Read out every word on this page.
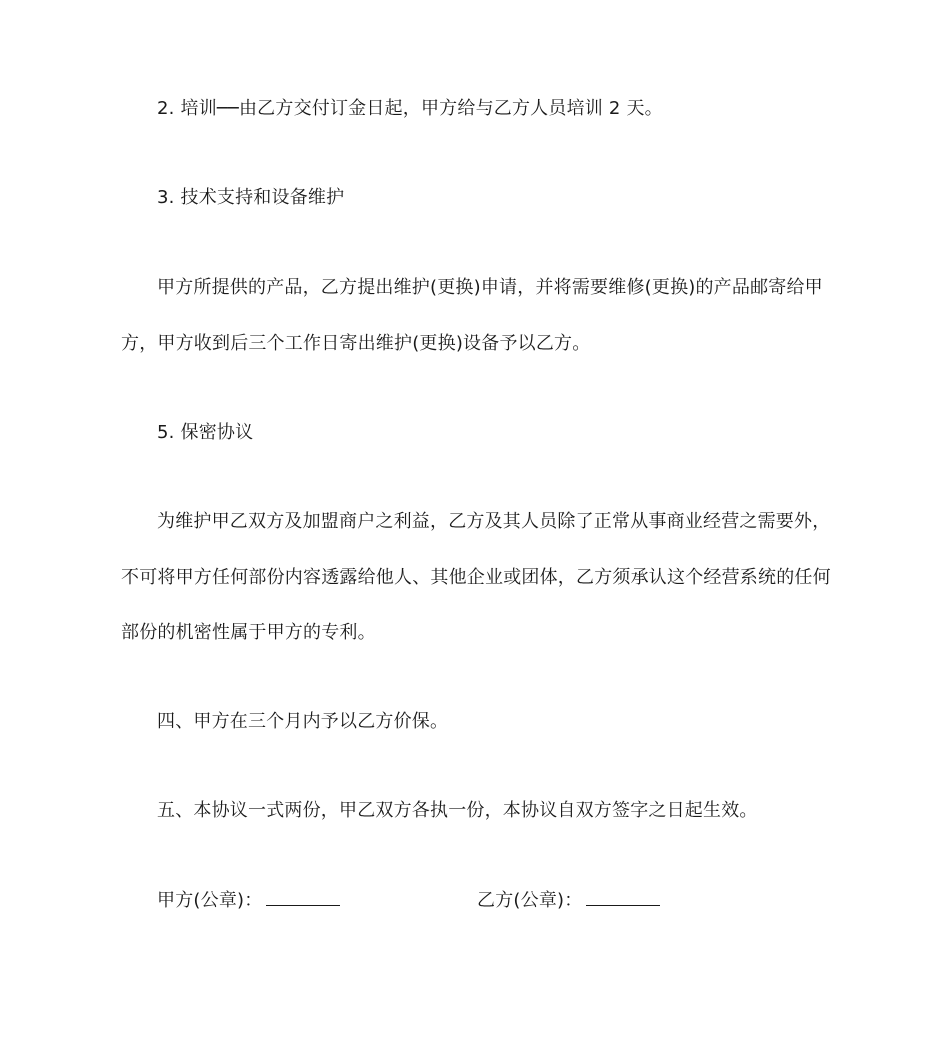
2. 培训──由乙方交付订金日起，甲方给与乙方人员培训 2 天。
3. 技术支持和设备维护
甲方所提供的产品，乙方提出维护(更换)申请，并将需要维修(更换)的产品邮寄给甲
方，甲方收到后三个工作日寄出维护(更换)设备予以乙方。
5. 保密协议
为维护甲乙双方及加盟商户之利益，乙方及其人员除了正常从事商业经营之需要外，
不可将甲方任何部份内容透露给他人、其他企业或团体，乙方须承认这个经营系统的任何
部份的机密性属于甲方的专利。
四、甲方在三个月内予以乙方价保。
五、本协议一式两份，甲乙双方各执一份，本协议自双方签字之日起生效。
甲方(公章)：	乙方(公章)：
